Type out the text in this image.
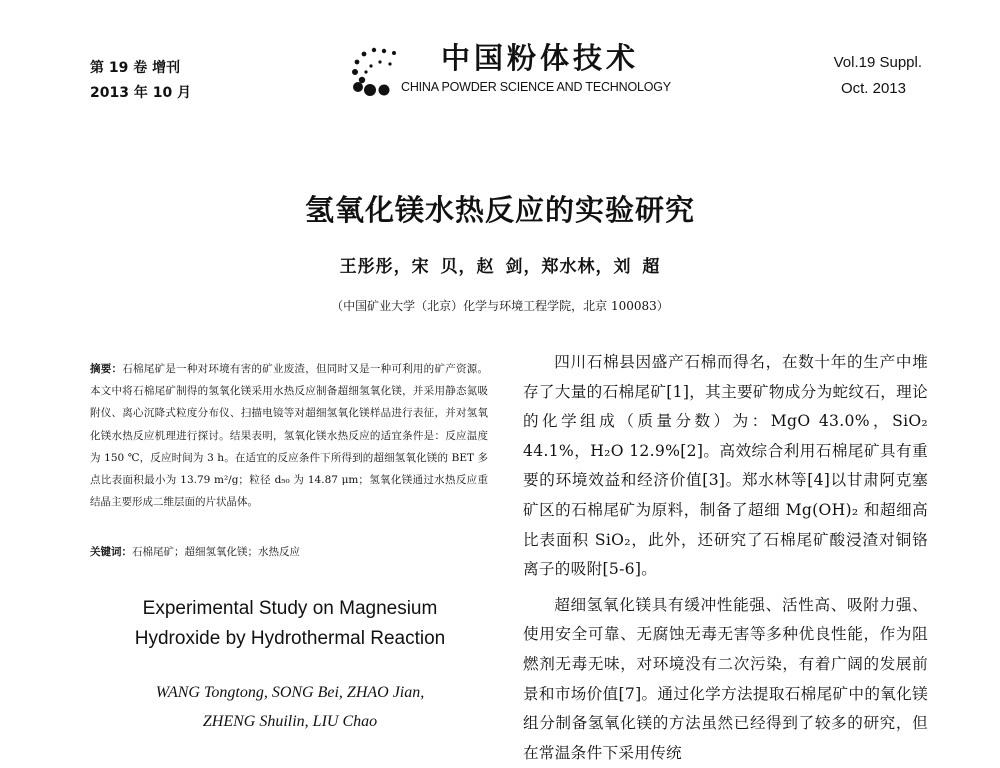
第 19 卷 增刊
2013 年 10 月
中国粉体技术
CHINA POWDER SCIENCE AND TECHNOLOGY
Vol.19 Suppl.
Oct. 2013
氢氧化镁水热反应的实验研究
王彤彤，宋 贝，赵 剑，郑水林，刘 超
（中国矿业大学（北京）化学与环境工程学院，北京 100083）
摘要：石棉尾矿是一种对环境有害的矿业废渣，但同时又是一种可利用的矿产资源。本文中将石棉尾矿制得的氢氧化镁采用水热反应制备超细氢氧化镁，并采用静态氮吸附仪、离心沉降式粒度分布仪、扫描电镜等对超细氢氧化镁样品进行表征，并对氢氧化镁水热反应机理进行探讨。结果表明，氢氧化镁水热反应的适宜条件是：反应温度为 150 ℃，反应时间为 3 h。在适宜的反应条件下所得到的超细氢氧化镁的 BET 多点比表面积最小为 13.79 m²/g；粒径 d₅₀ 为 14.87 μm；氢氧化镁通过水热反应重结晶主要形成二维层面的片状晶体。
关键词：石棉尾矿；超细氢氧化镁；水热反应
Experimental Study on Magnesium
Hydroxide by Hydrothermal Reaction
WANG Tongtong, SONG Bei, ZHAO Jian,
ZHENG Shuilin, LIU Chao

四川石棉县因盛产石棉而得名，在数十年的生产中堆存了大量的石棉尾矿[1]，其主要矿物成分为蛇纹石，理论的化学组成（质量分数）为：MgO 43.0%，SiO₂ 44.1%，H₂O 12.9%[2]。高效综合利用石棉尾矿具有重要的环境效益和经济价值[3]。郑水林等[4]以甘肃阿克塞矿区的石棉尾矿为原料，制备了超细 Mg(OH)₂ 和超细高比表面积 SiO₂，此外，还研究了石棉尾矿酸浸渣对铜铬离子的吸附[5-6]。

超细氢氧化镁具有缓冲性能强、活性高、吸附力强、使用安全可靠、无腐蚀无毒无害等多种优良性能，作为阻燃剂无毒无味，对环境没有二次污染，有着广阔的发展前景和市场价值[7]。通过化学方法提取石棉尾矿中的氧化镁组分制备氢氧化镁的方法虽然已经得到了较多的研究，但在常温条件下采用传统
